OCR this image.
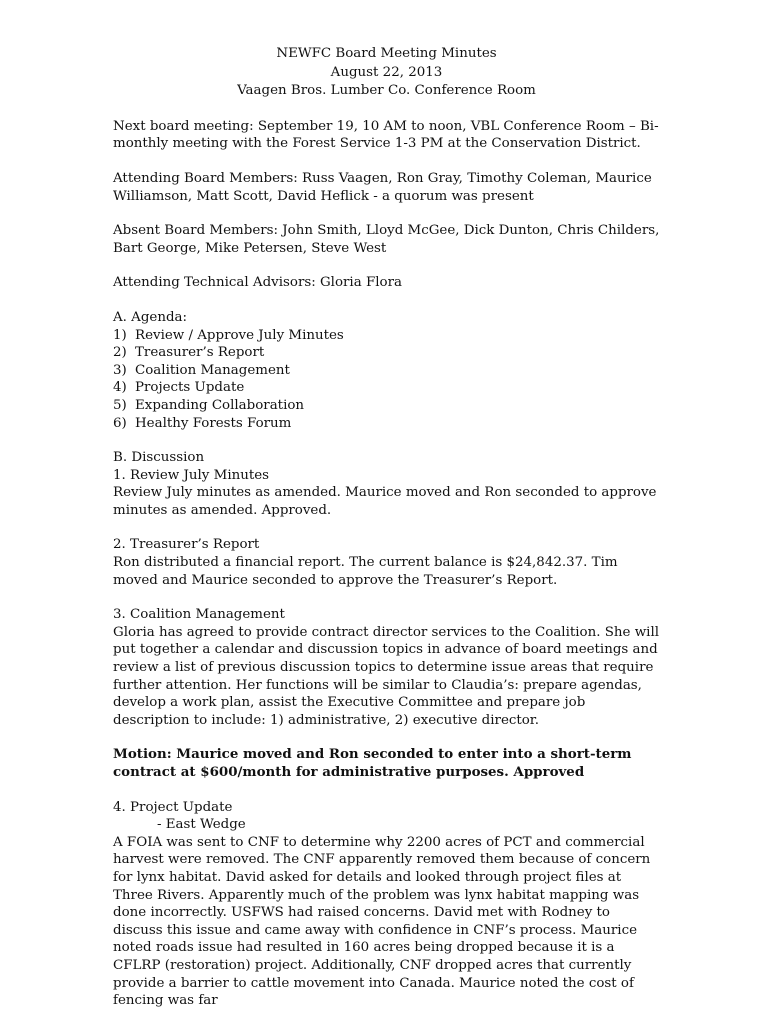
NEWFC Board Meeting Minutes
August 22, 2013
Vaagen Bros. Lumber Co. Conference Room

Next board meeting: September 19, 10 AM to noon, VBL Conference Room – Bi-monthly meeting with the Forest Service 1-3 PM at the Conservation District.

Attending Board Members: Russ Vaagen, Ron Gray, Timothy Coleman, Maurice Williamson, Matt Scott, David Heflick - a quorum was present

Absent Board Members: John Smith, Lloyd McGee, Dick Dunton, Chris Childers, Bart George, Mike Petersen, Steve West

Attending Technical Advisors: Gloria Flora

A. Agenda:
1) Review / Approve July Minutes
2) Treasurer’s Report
3) Coalition Management
4) Projects Update
5) Expanding Collaboration
6) Healthy Forests Forum
B. Discussion
1. Review July Minutes

Review July minutes as amended. Maurice moved and Ron seconded to approve minutes as amended. Approved.

2. Treasurer’s Report

Ron distributed a financial report. The current balance is $24,842.37. Tim moved and Maurice seconded to approve the Treasurer’s Report.

3. Coalition Management

Gloria has agreed to provide contract director services to the Coalition. She will put together a calendar and discussion topics in advance of board meetings and review a list of previous discussion topics to determine issue areas that require further attention. Her functions will be similar to Claudia’s: prepare agendas, develop a work plan, assist the Executive Committee and prepare job description to include: 1) administrative, 2) executive director.

Motion: Maurice moved and Ron seconded to enter into a short-term contract at $600/month for administrative purposes. Approved

4. Project Update
- East Wedge

A FOIA was sent to CNF to determine why 2200 acres of PCT and commercial harvest were removed. The CNF apparently removed them because of concern for lynx habitat. David asked for details and looked through project files at Three Rivers. Apparently much of the problem was lynx habitat mapping was done incorrectly. USFWS had raised concerns. David met with Rodney to discuss this issue and came away with confidence in CNF’s process. Maurice noted roads issue had resulted in 160 acres being dropped because it is a CFLRP (restoration) project. Additionally, CNF dropped acres that currently provide a barrier to cattle movement into Canada. Maurice noted the cost of fencing was far
